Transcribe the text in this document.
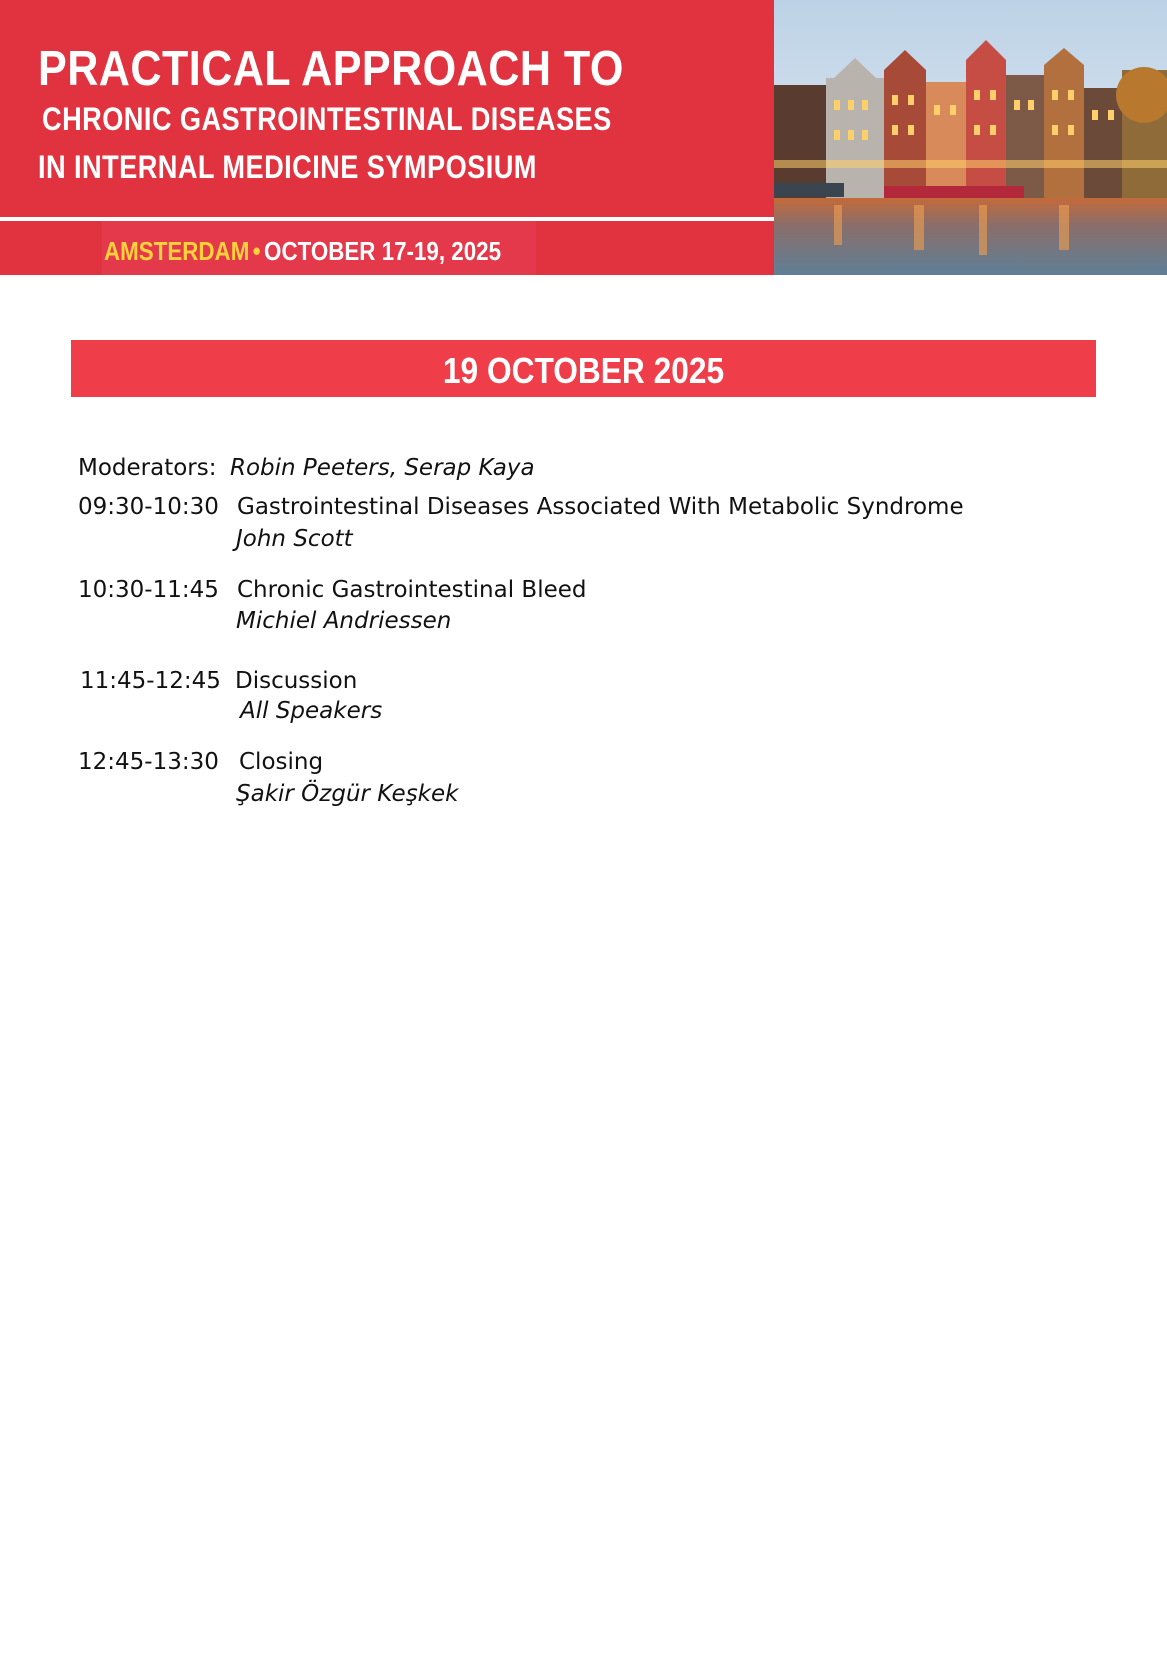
PRACTICAL APPROACH TO
CHRONIC GASTROINTESTINAL DISEASES
IN INTERNAL MEDICINE SYMPOSIUM
AMSTERDAM • OCTOBER 17-19, 2025
19 OCTOBER 2025
Moderators: Robin Peeters, Serap Kaya
09:30-10:30 Gastrointestinal Diseases Associated With Metabolic Syndrome
John Scott
10:30-11:45 Chronic Gastrointestinal Bleed
Michiel Andriessen
11:45-12:45 Discussion
All Speakers
12:45-13:30 Closing
Şakir Özgür Keşkek
